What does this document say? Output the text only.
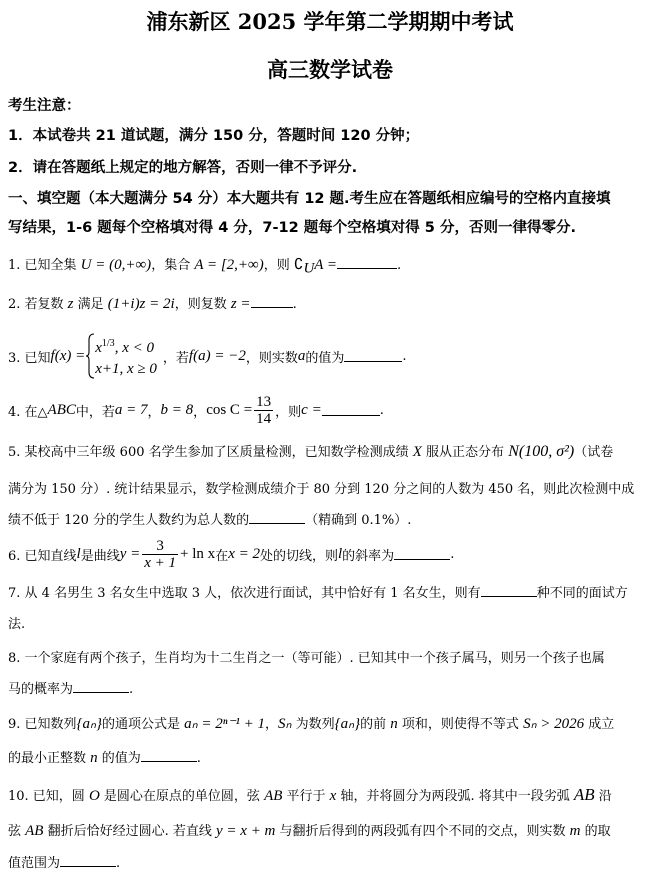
浦东新区 2025 学年第二学期期中考试
高三数学试卷
考生注意：
1．本试卷共 21 道试题，满分 150 分，答题时间 120 分钟；
2．请在答题纸上规定的地方解答，否则一律不予评分.
一、填空题（本大题满分 54 分）本大题共有 12 题.考生应在答题纸相应编号的空格内直接填
写结果，1-6 题每个空格填对得 4 分，7-12 题每个空格填对得 5 分，否则一律得零分.
1. 已知全集 U = (0,+∞)，集合 A = [2,+∞)，则 $∁_UA$ =	.
2. 若复数 z 满足 (1+i)z = 2i，则复数 z =	.
3. 已知 $f(x) = x^{1/3}$, x < 0
x+1, x ≥ 0
，若 f(a) = −2 ，则实数 a 的值为	.
4. 在△ ABC 中，若 a = 7 ， b = 8 ， $\cos C = \frac{13}{14}$ ，则 c =	.
5. 某校高中三年级 600 名学生参加了区质量检测，已知数学检测成绩 X 服从正态分布 N(100, σ²)（试卷
满分为 150 分）. 统计结果显示，数学检测成绩介于 80 分到 120 分之间的人数为 450 名，则此次检测中成
绩不低于 120 分的学生人数约为总人数的	（精确到 0.1%）.
6. 已知直线 l 是曲线 $y = \frac{3}{x + 1} + \ln x$ 在 x = 2 处的切线，则 l 的斜率为	.
7. 从 4 名男生 3 名女生中选取 3 人，依次进行面试，其中恰好有 1 名女生，则有	种不同的面试方
法.
8. 一个家庭有两个孩子，生肖均为十二生肖之一（等可能）. 已知其中一个孩子属马，则另一个孩子也属
马的概率为	.
9. 已知数列{aₙ}的通项公式是 aₙ = 2ⁿ⁻¹ + 1，Sₙ 为数列{aₙ}的前 n 项和，则使得不等式 Sₙ > 2026 成立
的最小正整数 n 的值为	.
10. 已知，圆 O 是圆心在原点的单位圆，弦 AB 平行于 x 轴，并将圆分为两段弧. 将其中一段劣弧 AB 沿
弦 AB 翻折后恰好经过圆心. 若直线 y = x + m 与翻折后得到的两段弧有四个不同的交点，则实数 m 的取
值范围为	.
